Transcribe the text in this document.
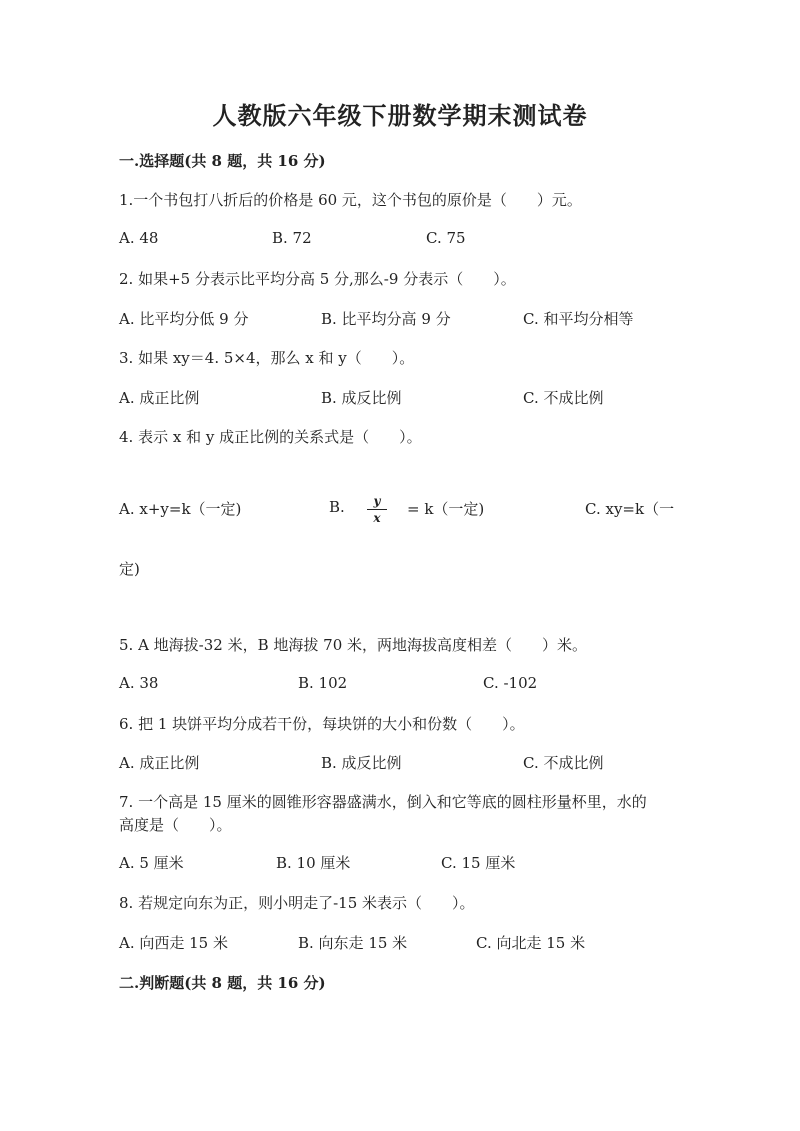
人教版六年级下册数学期末测试卷
一.选择题(共 8 题，共 16 分)
1.一个书包打八折后的价格是 60 元，这个书包的原价是（　　）元。
A. 48	B. 72	C. 75
2. 如果+5 分表示比平均分高 5 分,那么-9 分表示（　　）。
A. 比平均分低 9 分	B. 比平均分高 9 分	C. 和平均分相等
3. 如果 xy＝4. 5×4，那么 x 和 y（　　）。
A. 成正比例	B. 成反比例	C. 不成比例
4. 表示 x 和 y 成正比例的关系式是（　　）。
A. x+y=k（一定)	B. $\frac{y}{x} = k$（一定)	C. xy=k（一
定)
5. A 地海拔-32 米，B 地海拔 70 米，两地海拔高度相差（　　）米。
A. 38	B. 102	C. -102
6. 把 1 块饼平均分成若干份，每块饼的大小和份数（　　）。
A. 成正比例	B. 成反比例	C. 不成比例
7. 一个高是 15 厘米的圆锥形容器盛满水，倒入和它等底的圆柱形量杯里，水的
高度是（　　）。
A. 5 厘米	B. 10 厘米	C. 15 厘米
8. 若规定向东为正，则小明走了-15 米表示（　　）。
A. 向西走 15 米	B. 向东走 15 米	C. 向北走 15 米
二.判断题(共 8 题，共 16 分)
